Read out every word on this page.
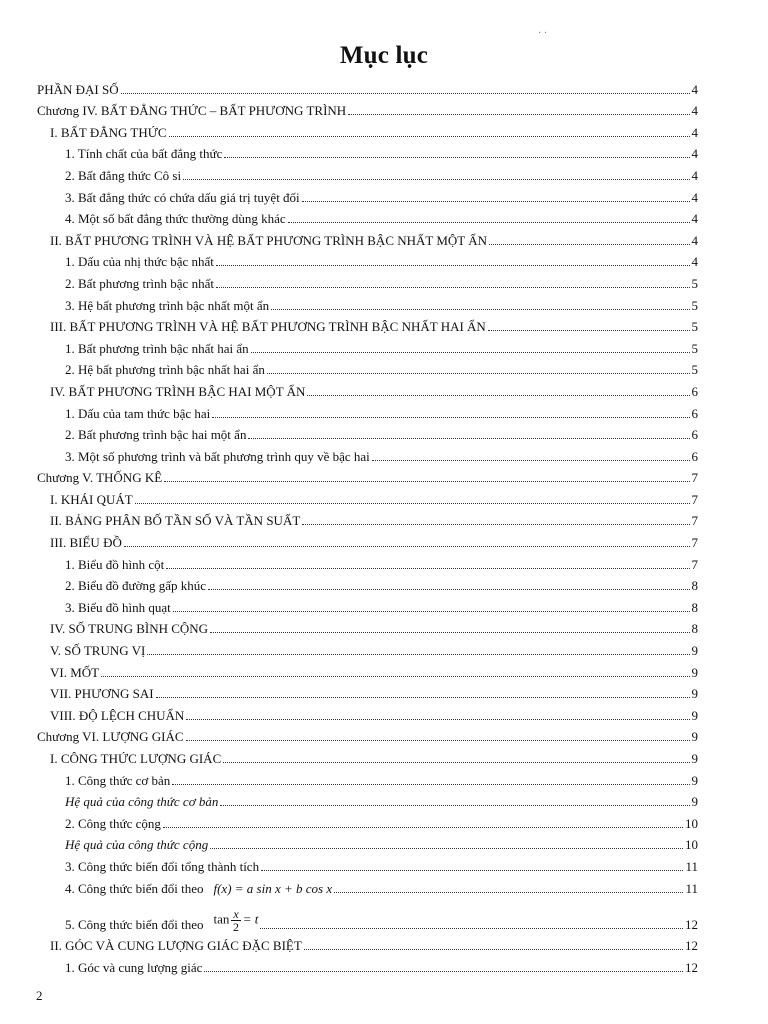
· ·
Mục lục
PHẦN ĐẠI SỐ	4
Chương IV. BẤT ĐẲNG THỨC – BẤT PHƯƠNG TRÌNH	4
I. BẤT ĐẲNG THỨC	4
1. Tính chất của bất đẳng thức	4
2. Bất đẳng thức Cô si	4
3. Bất đẳng thức có chứa dấu giá trị tuyệt đối	4
4. Một số bất đẳng thức thường dùng khác	4
II. BẤT PHƯƠNG TRÌNH VÀ HỆ BẤT PHƯƠNG TRÌNH BẬC NHẤT MỘT ẨN	4
1. Dấu của nhị thức bậc nhất	4
2. Bất phương trình bậc nhất	5
3. Hệ bất phương trình bậc nhất một ẩn	5
III. BẤT PHƯƠNG TRÌNH VÀ HỆ BẤT PHƯƠNG TRÌNH BẬC NHẤT HAI ẨN	5
1. Bất phương trình bậc nhất hai ẩn	5
2. Hệ bất phương trình bậc nhất hai ẩn	5
IV. BẤT PHƯƠNG TRÌNH BẬC HAI MỘT ẨN	6
1. Dấu của tam thức bậc hai	6
2. Bất phương trình bậc hai một ẩn	6
3. Một số phương trình và bất phương trình quy về bậc hai	6
Chương V. THỐNG KÊ	7
I. KHÁI QUÁT	7
II. BẢNG PHÂN BỐ TẦN SỐ VÀ TẦN SUẤT	7
III. BIỂU ĐỒ	7
1. Biểu đồ hình cột	7
2. Biểu đồ đường gấp khúc	8
3. Biểu đồ hình quạt	8
IV. SỐ TRUNG BÌNH CỘNG	8
V. SỐ TRUNG VỊ	9
VI. MỐT	9
VII. PHƯƠNG SAI	9
VIII. ĐỘ LỆCH CHUẨN	9
Chương VI. LƯỢNG GIÁC	9
I. CÔNG THỨC LƯỢNG GIÁC	9
1. Công thức cơ bản	9
Hệ quả của công thức cơ bản	9
2. Công thức cộng	10
Hệ quả của công thức cộng	10
3. Công thức biến đổi tổng thành tích	11
4. Công thức biến đổi theo f(x) = a sin x + b cos x	11
5. Công thức biến đổi theo $\tan \frac{x}{2} = t$	12
II. GÓC VÀ CUNG LƯỢNG GIÁC ĐẶC BIỆT	12
1. Góc và cung lượng giác	12
2
